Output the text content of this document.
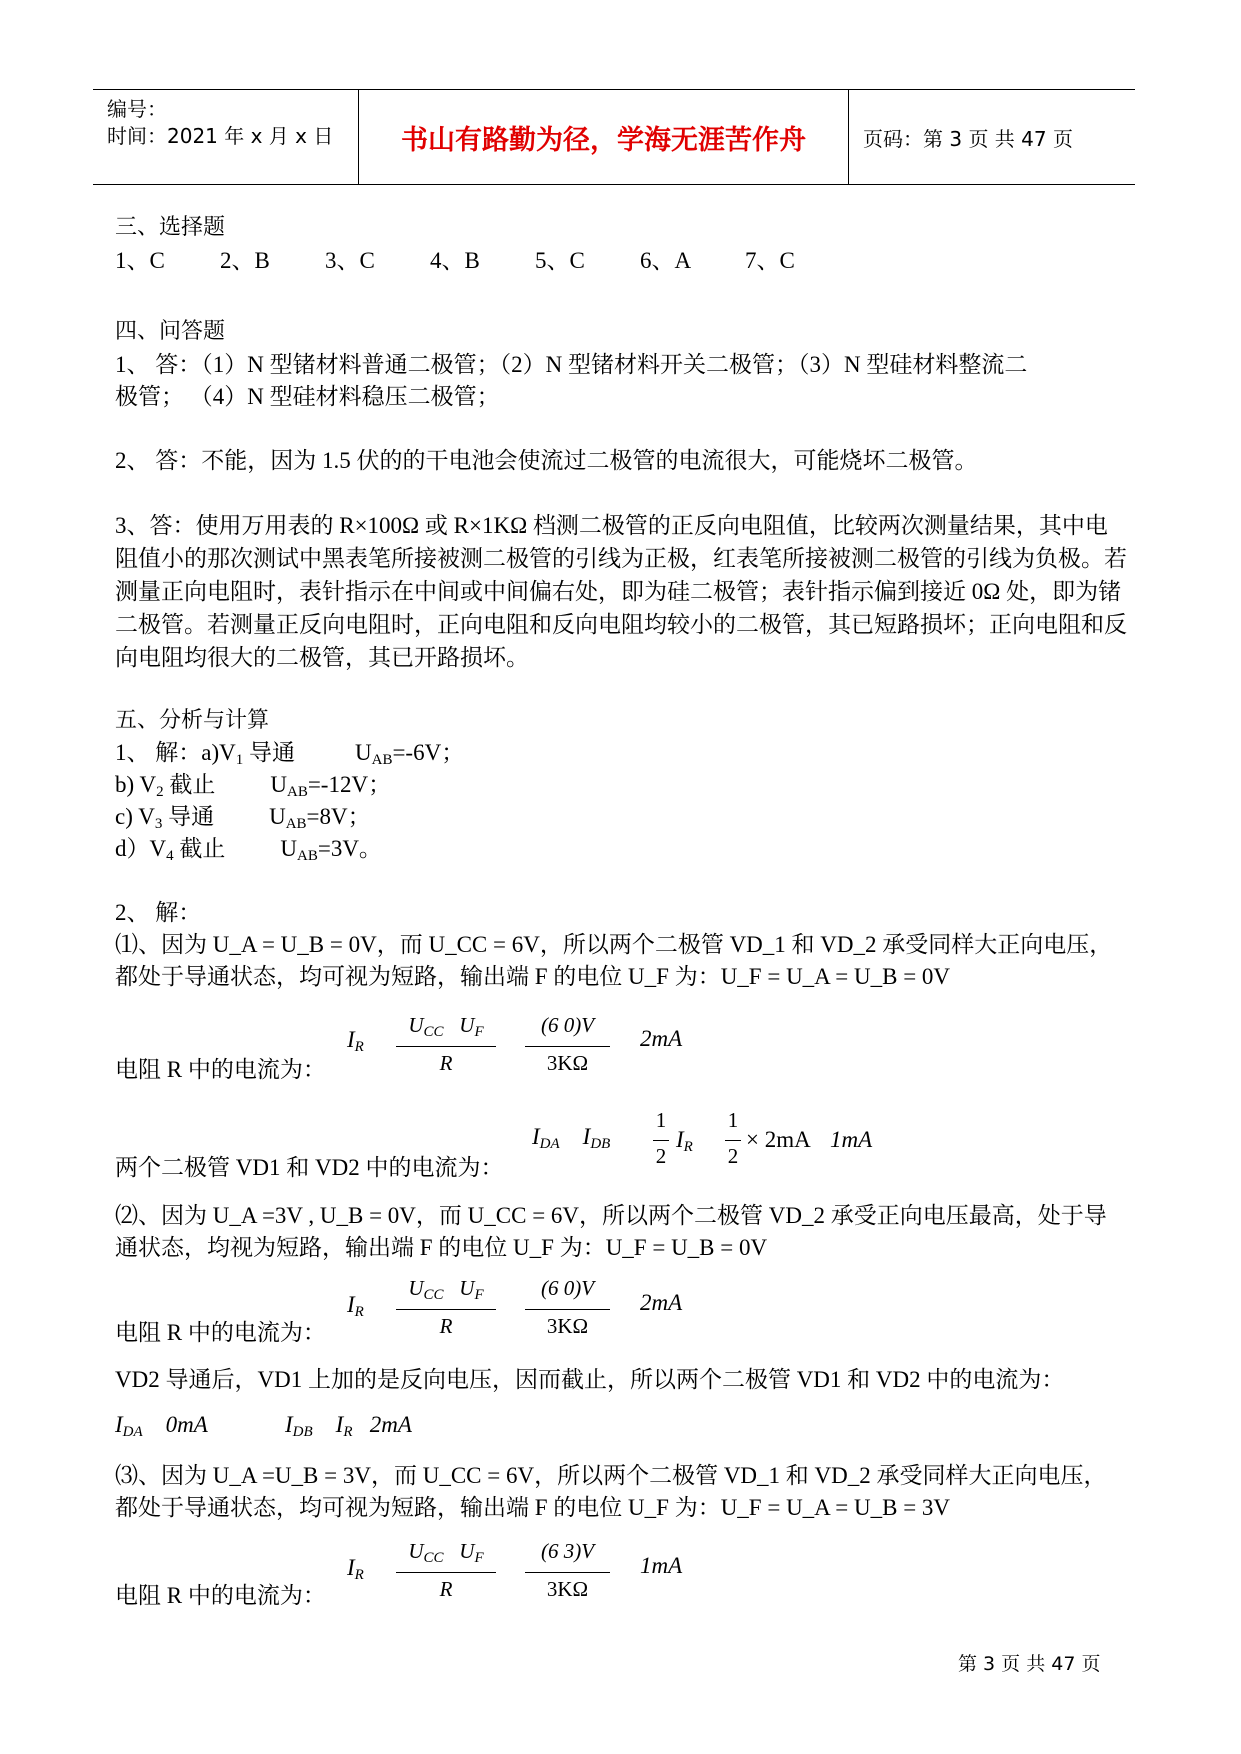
编号：
时间：2021 年 x 月 x 日	书山有路勤为径，学海无涯苦作舟	页码：第 3 页 共 47 页
三、选择题
1、C 2、B 3、C 4、B 5、C 6、A 7、C
四、问答题
1、 答：（1）N 型锗材料普通二极管；（2）N 型锗材料开关二极管；（3）N 型硅材料整流二
极管； （4）N 型硅材料稳压二极管；
2、 答：不能，因为 1.5 伏的的干电池会使流过二极管的电流很大，可能烧坏二极管。
3、答：使用万用表的 R×100Ω 或 R×1KΩ 档测二极管的正反向电阻值，比较两次测量结果，其中电阻值小的那次测试中黑表笔所接被测二极管的引线为正极，红表笔所接被测二极管的引线为负极。若测量正向电阻时，表针指示在中间或中间偏右处，即为硅二极管；表针指示偏到接近 0Ω 处，即为锗二极管。若测量正反向电阻时，正向电阻和反向电阻均较小的二极管，其已短路损坏；正向电阻和反向电阻均很大的二极管，其已开路损坏。
五、分析与计算
1、 解：$a)V_1$ 导通	$U_{AB}=-6V$；
b) $V_2$ 截止 $U_{AB}=-12V$；
c) $V_3$ 导通 $U_{AB}=8V$；
$d)V_4$ 截止 $U_{AB}=3V$。
2、 解：
⑴、因为 U_A = U_B = 0V，而 U_CC = 6V，所以两个二极管 VD_1 和 VD_2 承受同样大正向电压，
都处于导通状态，均可视为短路，输出端 F 的电位 U_F 为：U_F = U_A = U_B = 0V
电阻 R 中的电流为：
$I_R$
$U_{CC}$ $U_F$
R
(6 0)V
3KΩ
2mA
两个二极管 VD1 和 VD2 中的电流为：
$I_{DA}$ $I_{DB}$
1
2
$I_R$
1
2
× 2mA 1mA
⑵、因为 U_A =3V , U_B = 0V，而 U_CC = 6V，所以两个二极管 VD_2 承受正向电压最高，处于导
通状态，均视为短路，输出端 F 的电位 U_F 为：U_F = U_B = 0V
电阻 R 中的电流为：
$I_R$
$U_{CC}$ $U_F$
R
(6 0)V
3KΩ
2mA
VD2 导通后，VD1 上加的是反向电压，因而截止，所以两个二极管 VD1 和 VD2 中的电流为：
$I_{DA}$ 0mA	$I_{DB}$ $I_R$ 2mA
⑶、因为 U_A =U_B = 3V，而 U_CC = 6V，所以两个二极管 VD_1 和 VD_2 承受同样大正向电压，
都处于导通状态，均可视为短路，输出端 F 的电位 U_F 为：U_F = U_A = U_B = 3V
电阻 R 中的电流为：
$I_R$
$U_{CC}$ $U_F$
R
(6 3)V
3KΩ
1mA
第 3 页 共 47 页
